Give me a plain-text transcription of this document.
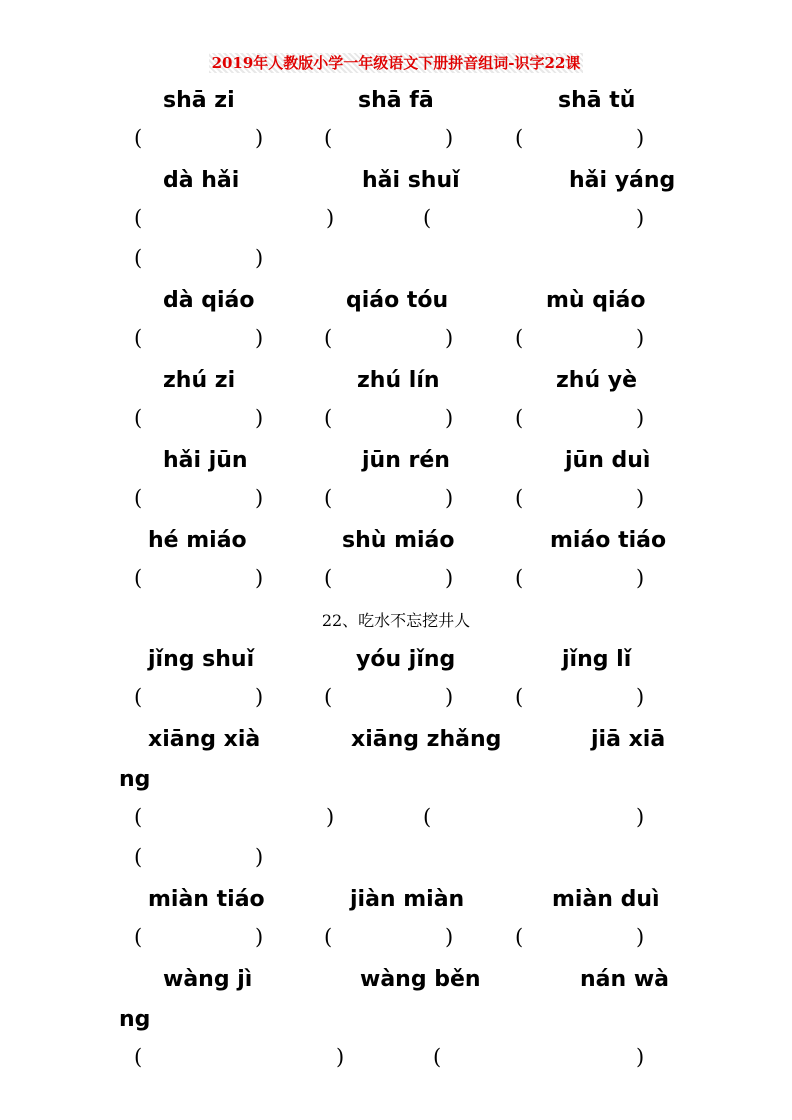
2019年人教版小学一年级语文下册拼音组词-识字22课
shā zi	shā fā	shā tǔ
(	)	(	)	(	)
dà hǎi	hǎi shuǐ	hǎi yáng
(	)	(	)
(	)
dà qiáo	qiáo tóu	mù qiáo
(	)	(	)	(	)
zhú zi	zhú lín	zhú yè
(	)	(	)	(	)
hǎi jūn	jūn rén	jūn duì
(	)	(	)	(	)
hé miáo	shù miáo	miáo tiáo
(	)	(	)	(	)
22、吃水不忘挖井人
jǐng shuǐ	yóu jǐng	jǐng lǐ
(	)	(	)	(	)
xiāng xià	xiāng zhǎng	jiā xiā
ng
(	)	(	)
(	)
miàn tiáo	jiàn miàn	miàn duì
(	)	(	)	(	)
wàng jì	wàng běn	nán wà
ng
(	)	(	)
